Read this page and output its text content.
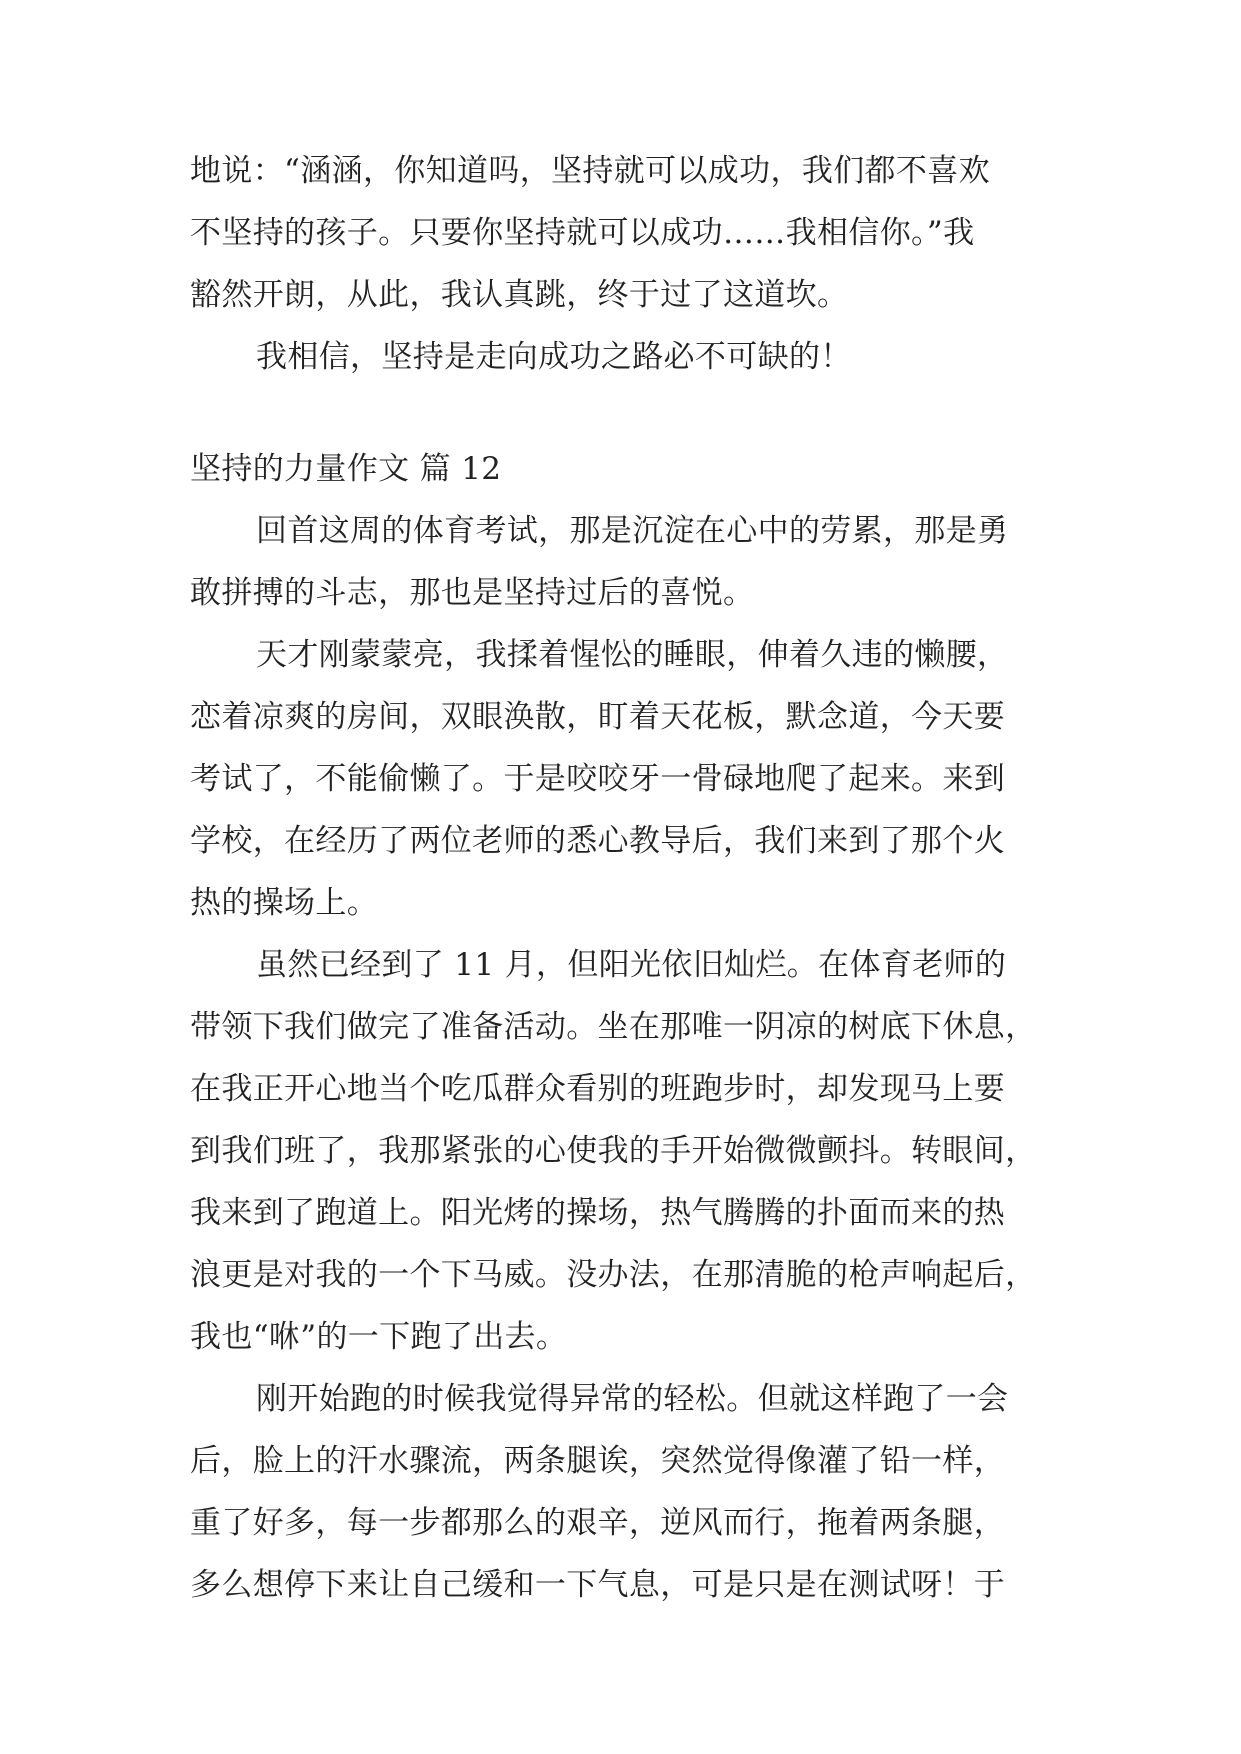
地说：“涵涵，你知道吗，坚持就可以成功，我们都不喜欢
不坚持的孩子。只要你坚持就可以成功……我相信你。”我
豁然开朗，从此，我认真跳，终于过了这道坎。
我相信，坚持是走向成功之路必不可缺的！
坚持的力量作文 篇 12
回首这周的体育考试，那是沉淀在心中的劳累，那是勇
敢拼搏的斗志，那也是坚持过后的喜悦。
天才刚蒙蒙亮，我揉着惺忪的睡眼，伸着久违的懒腰，
恋着凉爽的房间，双眼涣散，盯着天花板，默念道，今天要
考试了，不能偷懒了。于是咬咬牙一骨碌地爬了起来。来到
学校，在经历了两位老师的悉心教导后，我们来到了那个火
热的操场上。
虽然已经到了 11 月，但阳光依旧灿烂。在体育老师的
带领下我们做完了准备活动。坐在那唯一阴凉的树底下休息，
在我正开心地当个吃瓜群众看别的班跑步时，却发现马上要
到我们班了，我那紧张的心使我的手开始微微颤抖。转眼间，
我来到了跑道上。阳光烤的操场，热气腾腾的扑面而来的热
浪更是对我的一个下马威。没办法，在那清脆的枪声响起后，
我也“咻”的一下跑了出去。
刚开始跑的时候我觉得异常的轻松。但就这样跑了一会
后，脸上的汗水骤流，两条腿诶，突然觉得像灌了铅一样，
重了好多，每一步都那么的艰辛，逆风而行，拖着两条腿，
多么想停下来让自己缓和一下气息，可是只是在测试呀！于
